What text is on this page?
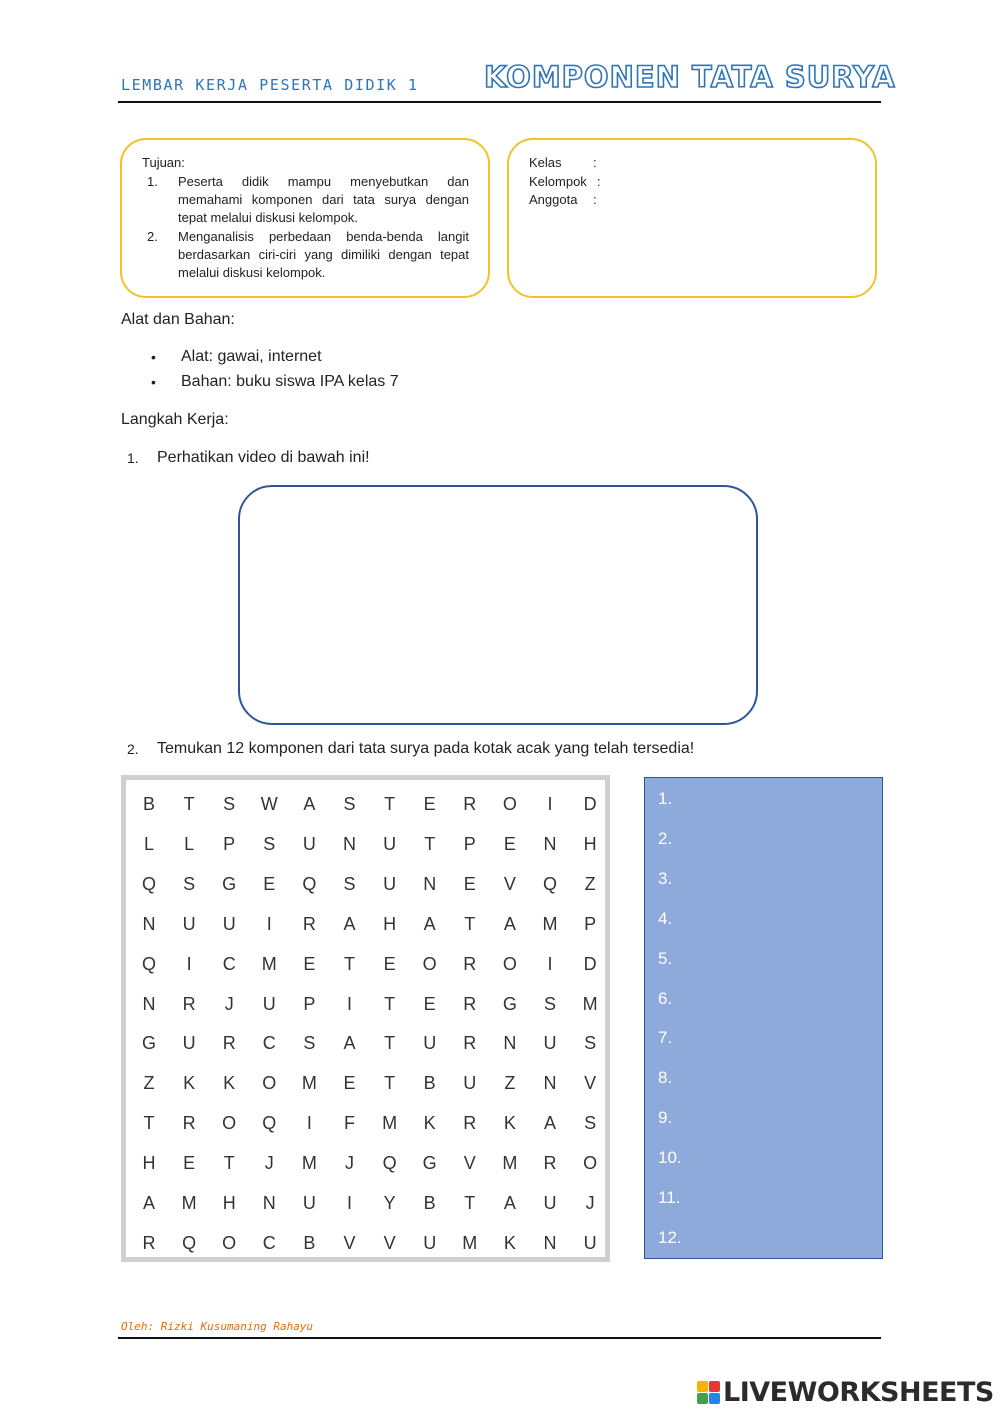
LEMBAR KERJA PESERTA DIDIK 1 KOMPONEN TATA SURYA
Tujuan:
1. Peserta didik mampu menyebutkan dan memahami komponen dari tata surya dengan tepat melalui diskusi kelompok.
2. Menganalisis perbedaan benda-benda langit berdasarkan ciri-ciri yang dimiliki dengan tepat melalui diskusi kelompok.
Kelas :
Kelompok :
Anggota :
Alat dan Bahan:
• Alat: gawai, internet
• Bahan: buku siswa IPA kelas 7
Langkah Kerja:
1. Perhatikan video di bawah ini!
2. Temukan 12 komponen dari tata surya pada kotak acak yang telah tersedia!
B	T	S	W	A	S	T	E	R	O	I	D
L	L	P	S	U	N	U	T	P	E	N	H
Q	S	G	E	Q	S	U	N	E	V	Q	Z
N	U	U	I	R	A	H	A	T	A	M	P
Q	I	C	M	E	T	E	O	R	O	I	D
N	R	J	U	P	I	T	E	R	G	S	M
G	U	R	C	S	A	T	U	R	N	U	S
Z	K	K	O	M	E	T	B	U	Z	N	V
T	R	O	Q	I	F	M	K	R	K	A	S
H	E	T	J	M	J	Q	G	V	M	R	O
A	M	H	N	U	I	Y	B	T	A	U	J
R	Q	O	C	B	V	V	U	M	K	N	U
1.
2.
3.
4.
5.
6.
7.
8.
9.
10.
11.
12.
Oleh: Rizki Kusumaning Rahayu
LIVEWORKSHEETS
